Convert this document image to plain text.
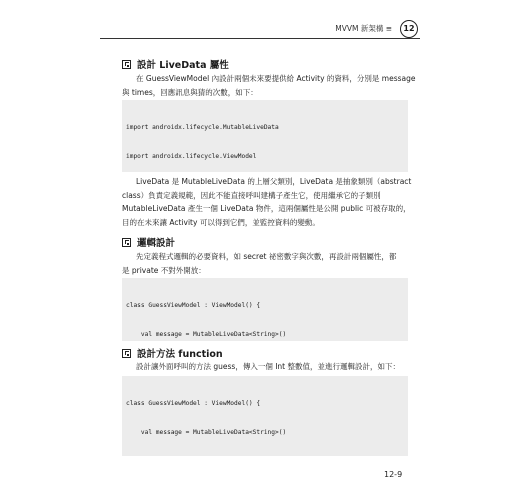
MVVM 新架構 ≡	12
設計 LiveData 屬性

在 GuessViewModel 內設計兩個未來要提供給 Activity 的資料，分別是 message
與 times，回應訊息與猜的次數，如下：

import androidx.lifecycle.MutableLiveData

import androidx.lifecycle.ViewModel

LiveData 是 MutableLiveData 的上層父類別，LiveData 是抽象類別（abstract
class）負責定義規範，因此不能直接呼叫建構子產生它，使用繼承它的子類別
MutableLiveData 產生一個 LiveData 物件，這兩個屬性是公開 public 可被存取的，
目的在未來讓 Activity 可以得到它們，並監控資料的變動。

邏輯設計

先定義程式邏輯的必要資料，如 secret 祕密數字與次數，再設計兩個屬性，都
是 private 不對外開放：

class GuessViewModel : ViewModel() {

val message = MutableLiveData<String>()

設計方法 function

設計讓外面呼叫的方法 guess，傳入一個 Int 整數值，並進行邏輯設計，如下：

class GuessViewModel : ViewModel() {

val message = MutableLiveData<String>()

12-9
